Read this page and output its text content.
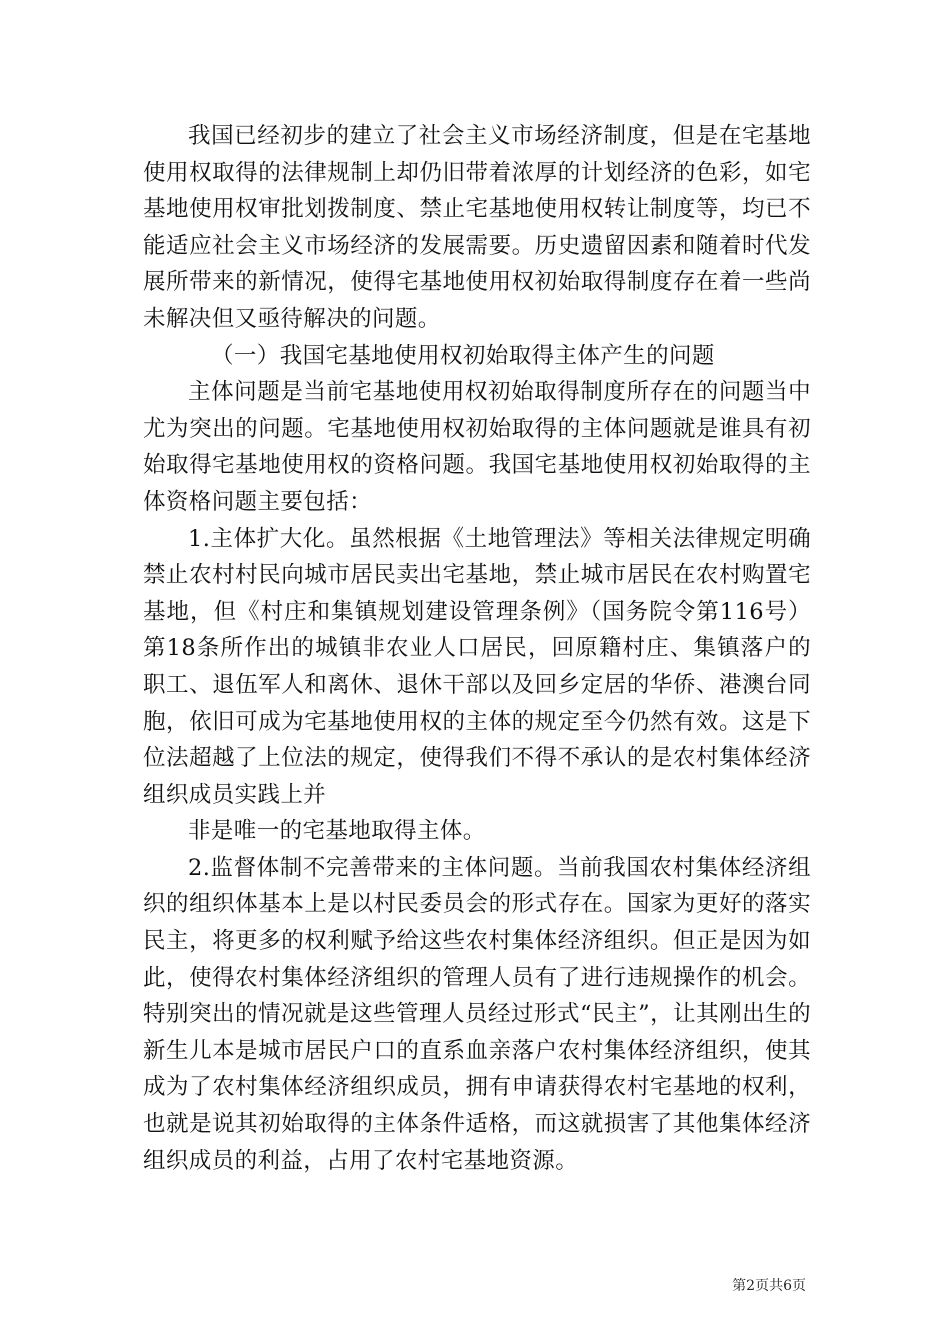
我国已经初步的建立了社会主义市场经济制度，但是在宅基地使用权取得的法律规制上却仍旧带着浓厚的计划经济的色彩，如宅基地使用权审批划拨制度、禁止宅基地使用权转让制度等，均已不能适应社会主义市场经济的发展需要。历史遗留因素和随着时代发展所带来的新情况，使得宅基地使用权初始取得制度存在着一些尚未解决但又亟待解决的问题。

（一）我国宅基地使用权初始取得主体产生的问题

主体问题是当前宅基地使用权初始取得制度所存在的问题当中尤为突出的问题。宅基地使用权初始取得的主体问题就是谁具有初始取得宅基地使用权的资格问题。我国宅基地使用权初始取得的主体资格问题主要包括：

1.主体扩大化。虽然根据《土地管理法》等相关法律规定明确禁止农村村民向城市居民卖出宅基地，禁止城市居民在农村购置宅基地，但《村庄和集镇规划建设管理条例》（国务院令第116号）第18条所作出的城镇非农业人口居民，回原籍村庄、集镇落户的职工、退伍军人和离休、退休干部以及回乡定居的华侨、港澳台同胞，依旧可成为宅基地使用权的主体的规定至今仍然有效。这是下位法超越了上位法的规定，使得我们不得不承认的是农村集体经济组织成员实践上并

非是唯一的宅基地取得主体。

2.监督体制不完善带来的主体问题。当前我国农村集体经济组织的组织体基本上是以村民委员会的形式存在。国家为更好的落实民主，将更多的权利赋予给这些农村集体经济组织。但正是因为如此，使得农村集体经济组织的管理人员有了进行违规操作的机会。特别突出的情况就是这些管理人员经过形式“民主”，让其刚出生的新生儿本是城市居民户口的直系血亲落户农村集体经济组织，使其成为了农村集体经济组织成员，拥有申请获得农村宅基地的权利，也就是说其初始取得的主体条件适格，而这就损害了其他集体经济组织成员的利益，占用了农村宅基地资源。

第2页共6页
